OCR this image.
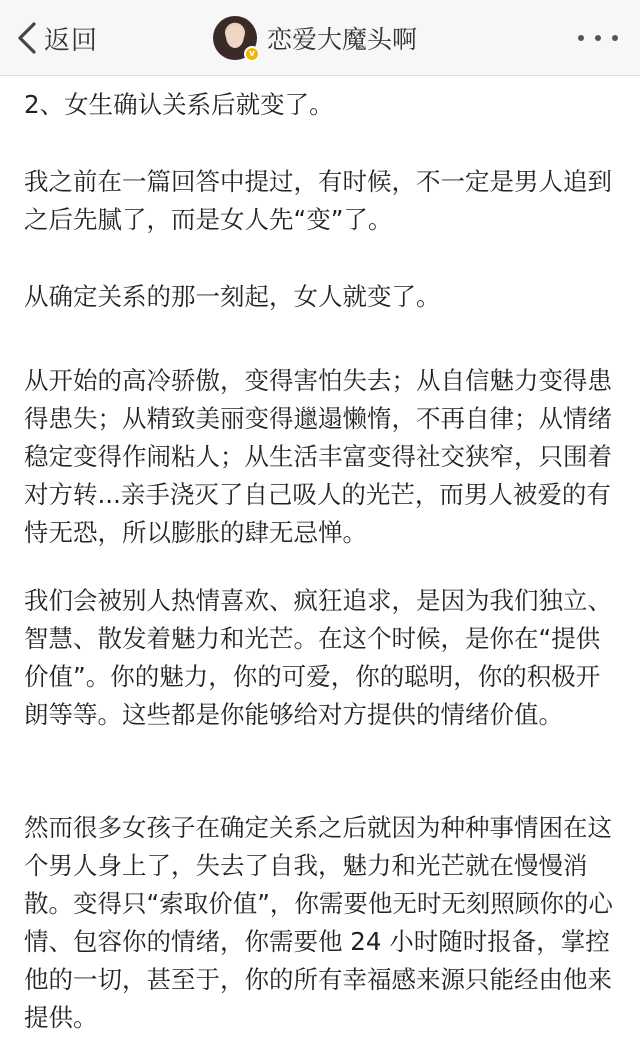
返回	v 恋爱大魔头啊

2、女生确认关系后就变了。

我之前在一篇回答中提过，有时候，不一定是男人追到之后先腻了，而是女人先“变”了。

从确定关系的那一刻起，女人就变了。

从开始的高冷骄傲，变得害怕失去；从自信魅力变得患得患失；从精致美丽变得邋遢懒惰，不再自律；从情绪稳定变得作闹粘人；从生活丰富变得社交狭窄，只围着对方转...亲手浇灭了自己吸人的光芒，而男人被爱的有恃无恐，所以膨胀的肆无忌惮。

我们会被别人热情喜欢、疯狂追求，是因为我们独立、智慧、散发着魅力和光芒。在这个时候，是你在“提供价值”。你的魅力，你的可爱，你的聪明，你的积极开朗等等。这些都是你能够给对方提供的情绪价值。

然而很多女孩子在确定关系之后就因为种种事情困在这个男人身上了，失去了自我，魅力和光芒就在慢慢消散。变得只“索取价值”，你需要他无时无刻照顾你的心情、包容你的情绪，你需要他 24 小时随时报备，掌控他的一切，甚至于，你的所有幸福感来源只能经由他来提供。
